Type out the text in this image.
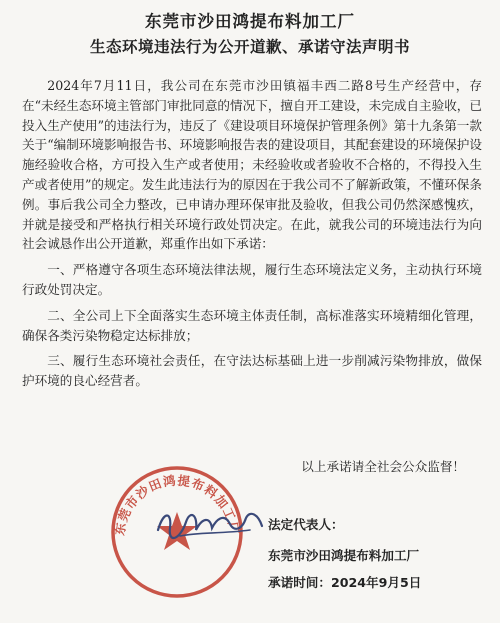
东莞市沙田鸿提布料加工厂
生态环境违法行为公开道歉、承诺守法声明书

2024年7月11日，我公司在东莞市沙田镇福丰西二路8号生产经营中，存在“未经生态环境主管部门审批同意的情况下，擅自开工建设，未完成自主验收，已投入生产使用”的违法行为，违反了《建设项目环境保护管理条例》第十九条第一款关于“编制环境影响报告书、环境影响报告表的建设项目，其配套建设的环境保护设施经验收合格，方可投入生产或者使用；未经验收或者验收不合格的，不得投入生产或者使用”的规定。发生此违法行为的原因在于我公司不了解新政策，不懂环保条例。事后我公司全力整改，已申请办理环保审批及验收，但我公司仍然深感愧疚，并就是接受和严格执行相关环境行政处罚决定。在此，就我公司的环境违法行为向社会诚恳作出公开道歉，郑重作出如下承诺：

一、严格遵守各项生态环境法律法规，履行生态环境法定义务，主动执行环境行政处罚决定。

二、全公司上下全面落实生态环境主体责任制，高标准落实环境精细化管理，确保各类污染物稳定达标排放；

三、履行生态环境社会责任，在守法达标基础上进一步削减污染物排放，做保护环境的良心经营者。

以上承诺请全社会公众监督！
东莞市沙田鸿提布料加工厂 法定代表人：
东莞市沙田鸿提布料加工厂
承诺时间：2024年9月5日
